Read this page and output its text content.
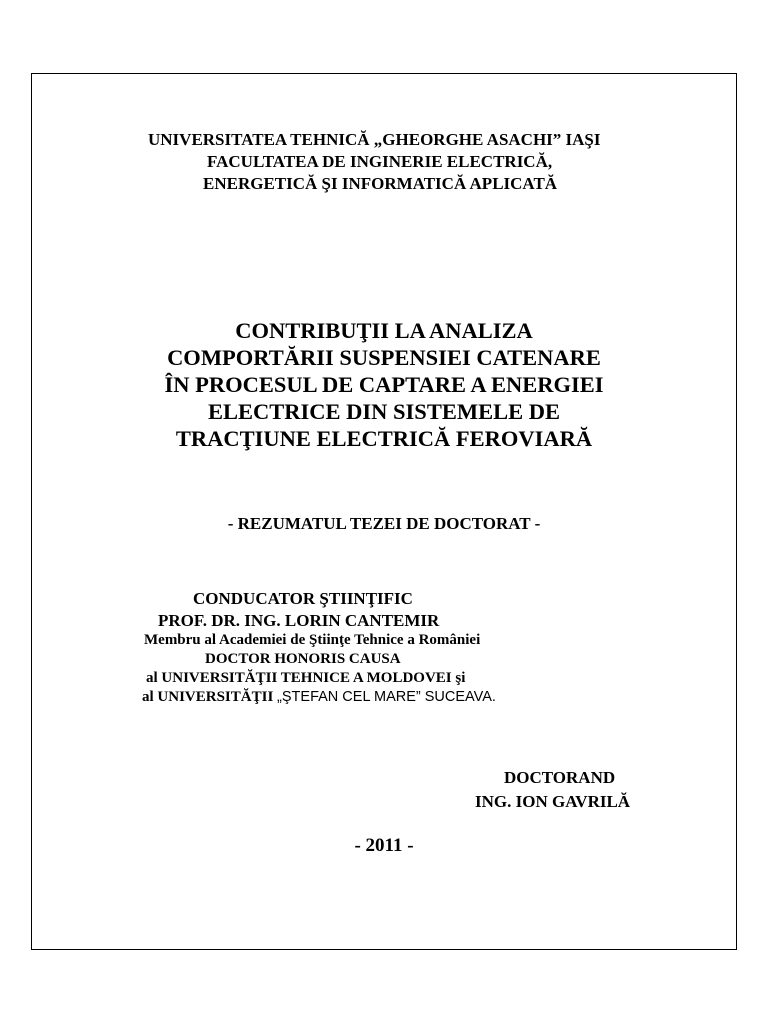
UNIVERSITATEA TEHNICĂ „GHEORGHE ASACHI” IAŞI
FACULTATEA DE INGINERIE ELECTRICĂ,
ENERGETICĂ ŞI INFORMATICĂ APLICATĂ
CONTRIBUŢII LA ANALIZA
COMPORTĂRII SUSPENSIEI CATENARE
ÎN PROCESUL DE CAPTARE A ENERGIEI
ELECTRICE DIN SISTEMELE DE
TRACŢIUNE ELECTRICĂ FEROVIARĂ
- REZUMATUL TEZEI DE DOCTORAT -
CONDUCATOR ŞTIINŢIFIC
PROF. DR. ING. LORIN CANTEMIR
Membru al Academiei de Ştiinţe Tehnice a României
DOCTOR HONORIS CAUSA
al UNIVERSITĂŢII TEHNICE A MOLDOVEI şi
al UNIVERSITĂŢII „ŞTEFAN CEL MARE” SUCEAVA.
DOCTORAND
ING. ION GAVRILĂ
- 2011 -
